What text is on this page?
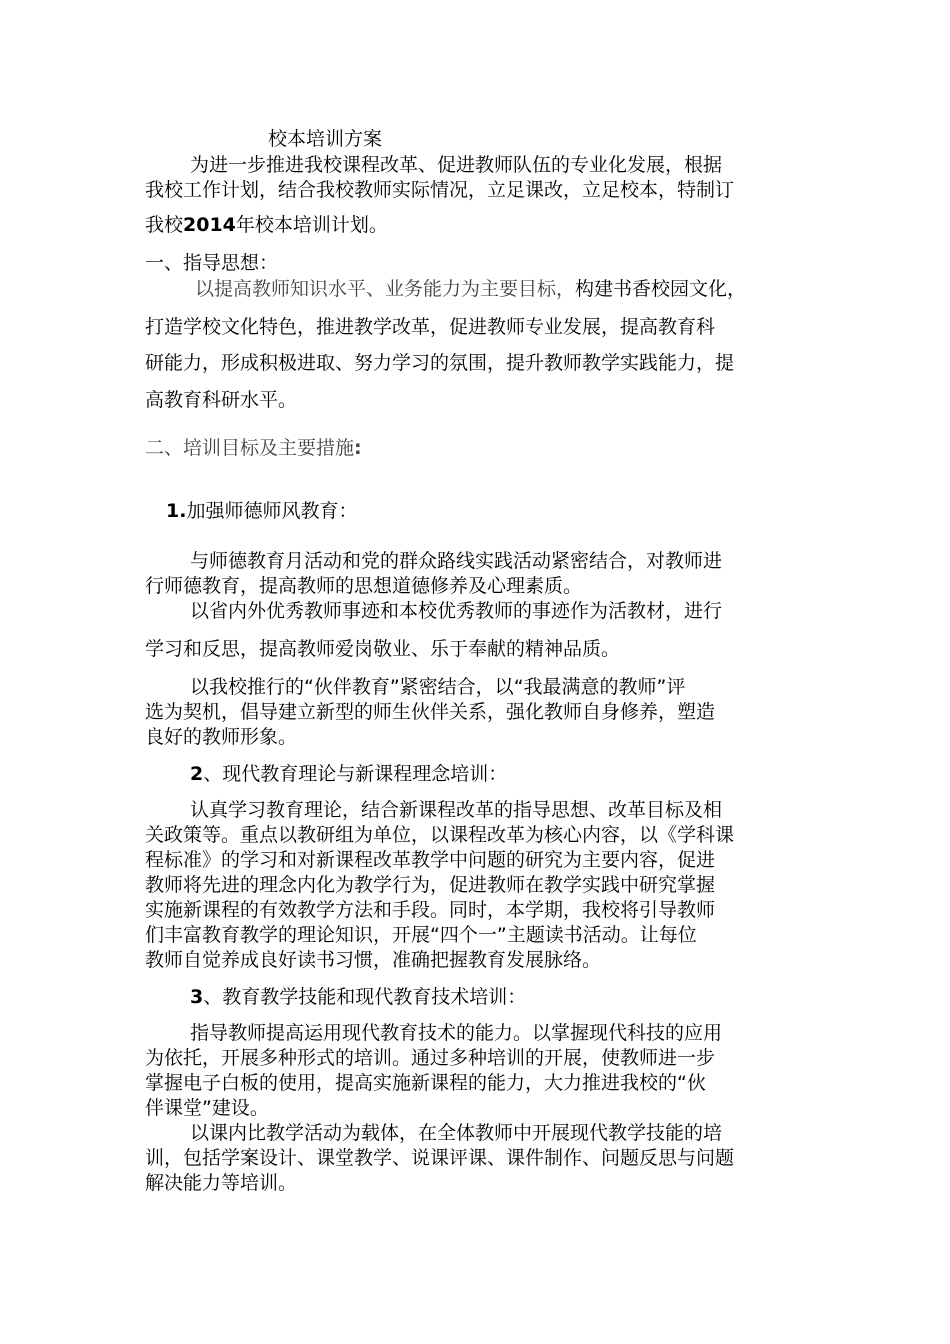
校本培训方案
为进一步推进我校课程改革、促进教师队伍的专业化发展，根据
我校工作计划，结合我校教师实际情况，立足课改，立足校本，特制订
我校2014年校本培训计划。
一、指导思想：
以提高教师知识水平、业务能力为主要目标，构建书香校园文化，
打造学校文化特色，推进教学改革，促进教师专业发展，提高教育科
研能力，形成积极进取、努力学习的氛围，提升教师教学实践能力，提
高教育科研水平。
二、培训目标及主要措施:
1.加强师德师风教育：
与师德教育月活动和党的群众路线实践活动紧密结合，对教师进
行师德教育，提高教师的思想道德修养及心理素质。
以省内外优秀教师事迹和本校优秀教师的事迹作为活教材，进行
学习和反思，提高教师爱岗敬业、乐于奉献的精神品质。
以我校推行的“伙伴教育”紧密结合，以“我最满意的教师”评
选为契机，倡导建立新型的师生伙伴关系，强化教师自身修养，塑造
良好的教师形象。
2、现代教育理论与新课程理念培训：
认真学习教育理论，结合新课程改革的指导思想、改革目标及相
关政策等。重点以教研组为单位，以课程改革为核心内容，以《学科课
程标准》的学习和对新课程改革教学中问题的研究为主要内容，促进
教师将先进的理念内化为教学行为，促进教师在教学实践中研究掌握
实施新课程的有效教学方法和手段。同时，本学期，我校将引导教师
们丰富教育教学的理论知识，开展“四个一”主题读书活动。让每位
教师自觉养成良好读书习惯，准确把握教育发展脉络。
3、教育教学技能和现代教育技术培训：
指导教师提高运用现代教育技术的能力。以掌握现代科技的应用
为依托，开展多种形式的培训。通过多种培训的开展，使教师进一步
掌握电子白板的使用，提高实施新课程的能力，大力推进我校的“伙
伴课堂”建设。
以课内比教学活动为载体，在全体教师中开展现代教学技能的培
训，包括学案设计、课堂教学、说课评课、课件制作、问题反思与问题
解决能力等培训。
